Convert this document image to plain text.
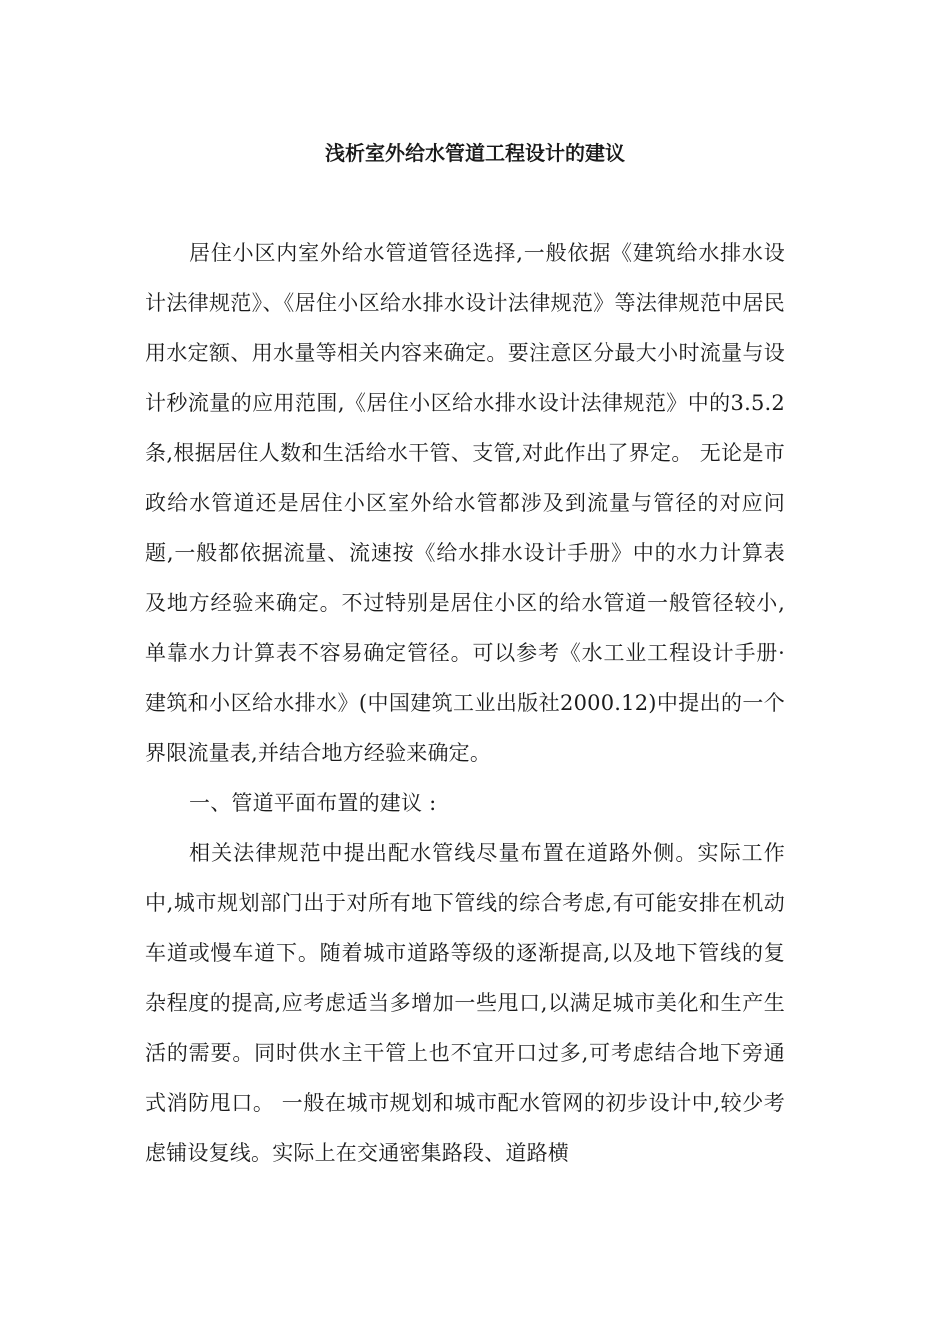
浅析室外给水管道工程设计的建议

居住小区内室外给水管道管径选择,一般依据《建筑给水排水设计法律规范》、《居住小区给水排水设计法律规范》等法律规范中居民用水定额、用水量等相关内容来确定。要注意区分最大小时流量与设计秒流量的应用范围,《居住小区给水排水设计法律规范》中的3.5.2条,根据居住人数和生活给水干管、支管,对此作出了界定。 无论是市政给水管道还是居住小区室外给水管都涉及到流量与管径的对应问题,一般都依据流量、流速按《给水排水设计手册》中的水力计算表及地方经验来确定。不过特别是居住小区的给水管道一般管径较小,单靠水力计算表不容易确定管径。可以参考《水工业工程设计手册·建筑和小区给水排水》(中国建筑工业出版社2000.12)中提出的一个界限流量表,并结合地方经验来确定。

一、管道平面布置的建议 :

相关法律规范中提出配水管线尽量布置在道路外侧。实际工作中,城市规划部门出于对所有地下管线的综合考虑,有可能安排在机动车道或慢车道下。随着城市道路等级的逐渐提高,以及地下管线的复杂程度的提高,应考虑适当多增加一些甩口,以满足城市美化和生产生活的需要。同时供水主干管上也不宜开口过多,可考虑结合地下旁通式消防甩口。 一般在城市规划和城市配水管网的初步设计中,较少考虑铺设复线。实际上在交通密集路段、道路横
